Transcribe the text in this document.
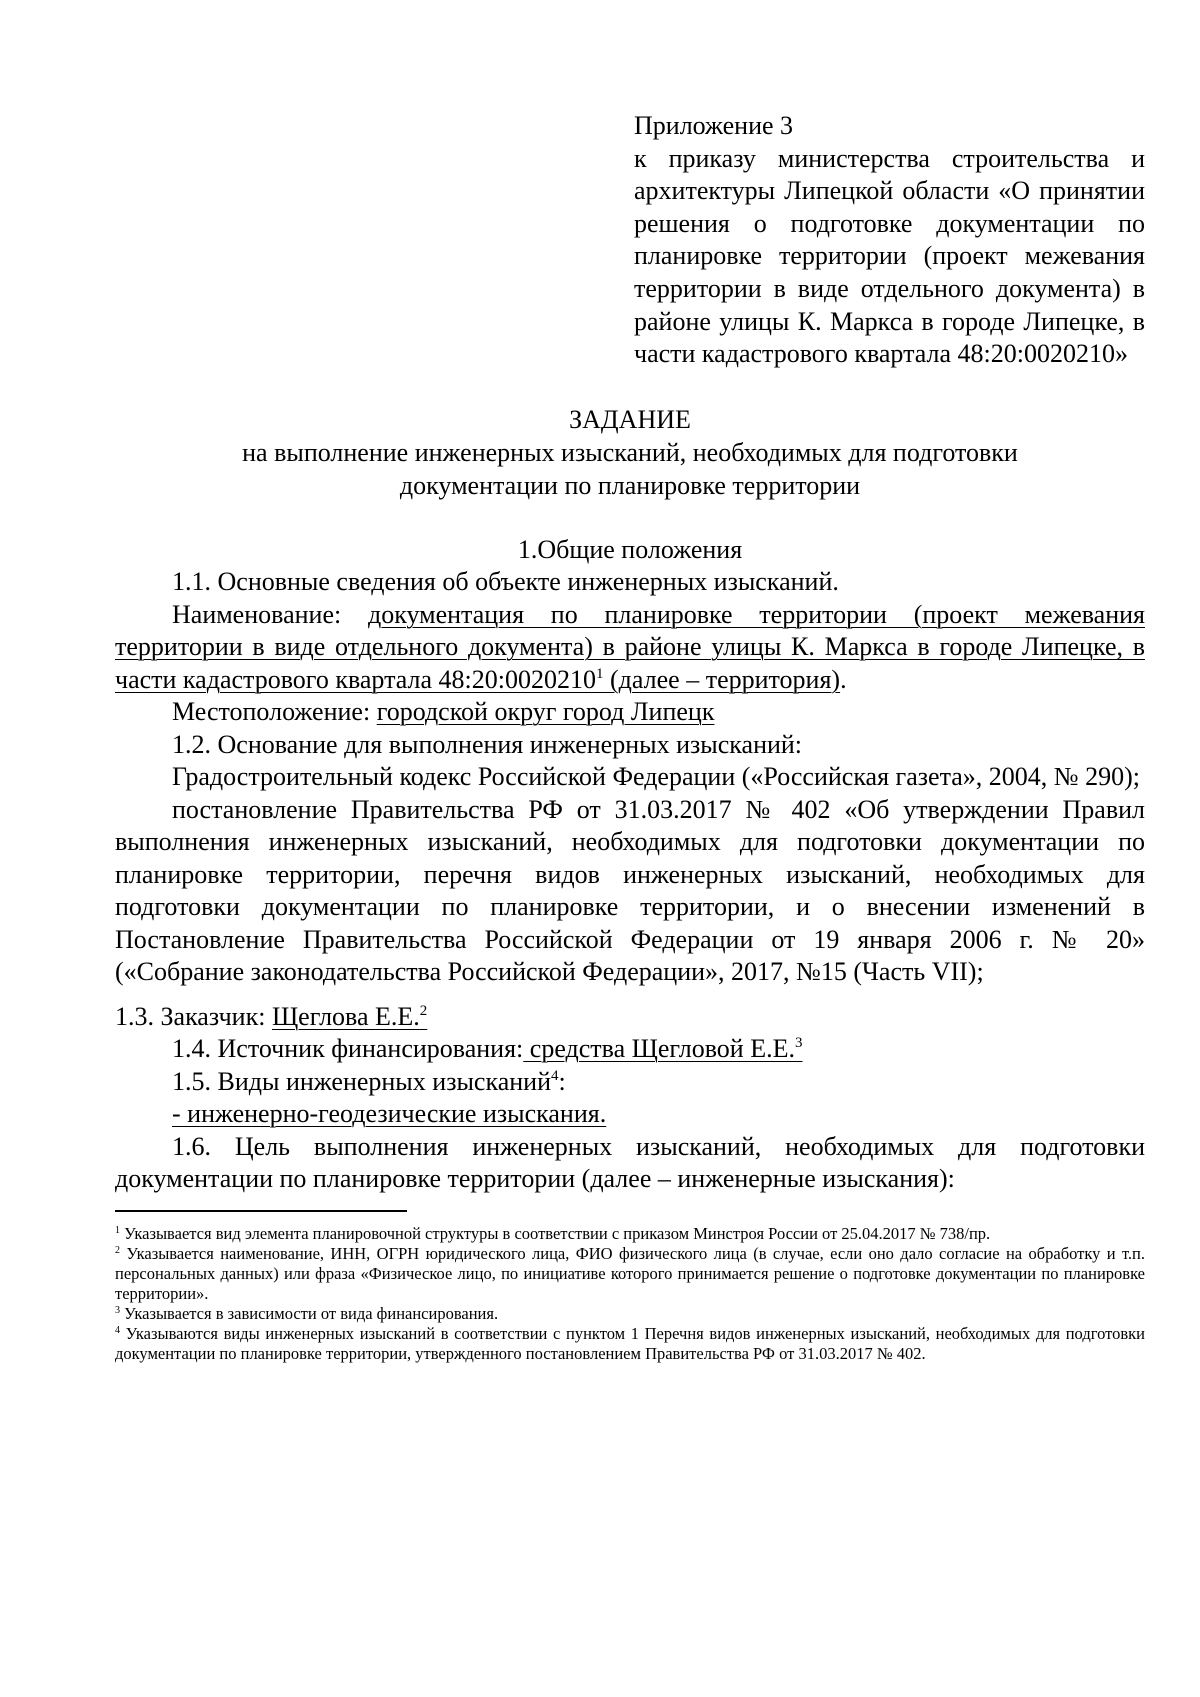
Приложение 3

к приказу министерства строительства и архитектуры Липецкой области «О принятии решения о подготовке документации по планировке территории (проект межевания территории в виде отдельного документа) в районе улицы К. Маркса в городе Липецке, в части кадастрового квартала 48:20:0020210»

ЗАДАНИЕ

на выполнение инженерных изысканий, необходимых для подготовки

документации по планировке территории

1.Общие положения

1.1. Основные сведения об объекте инженерных изысканий.

Наименование: документация по планировке территории (проект межевания территории в виде отдельного документа) в районе улицы К. Маркса в городе Липецке, в части кадастрового квартала 48:20:0020210$^1$ (далее – территория).

Местоположение: городской округ город Липецк

1.2. Основание для выполнения инженерных изысканий:

Градостроительный кодекс Российской Федерации («Российская газета», 2004, № 290);

постановление Правительства РФ от 31.03.2017 № 402 «Об утверждении Правил выполнения инженерных изысканий, необходимых для подготовки документации по планировке территории, перечня видов инженерных изысканий, необходимых для подготовки документации по планировке территории, и о внесении изменений в Постановление Правительства Российской Федерации от 19 января 2006 г. № 20» («Собрание законодательства Российской Федерации», 2017, №15 (Часть VII);

1.3. Заказчик: Щеглова Е.Е.$^2$

1.4. Источник финансирования: средства Щегловой Е.Е.$^3$

1.5. Виды инженерных изысканий$^4$:

- инженерно-геодезические изыскания.

1.6. Цель выполнения инженерных изысканий, необходимых для подготовки документации по планировке территории (далее – инженерные изыскания):

$^1$ Указывается вид элемента планировочной структуры в соответствии с приказом Минстроя России от 25.04.2017 № 738/пр.

$^2$ Указывается наименование, ИНН, ОГРН юридического лица, ФИО физического лица (в случае, если оно дало согласие на обработку и т.п. персональных данных) или фраза «Физическое лицо, по инициативе которого принимается решение о подготовке документации по планировке территории».

$^3$ Указывается в зависимости от вида финансирования.

$^4$ Указываются виды инженерных изысканий в соответствии с пунктом 1 Перечня видов инженерных изысканий, необходимых для подготовки документации по планировке территории, утвержденного постановлением Правительства РФ от 31.03.2017 № 402.
